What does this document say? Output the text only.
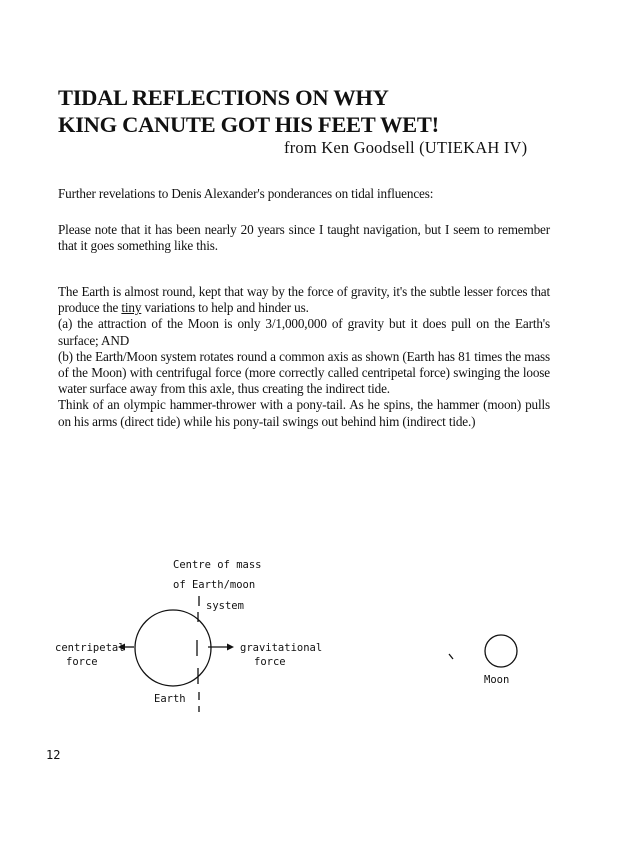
TIDAL REFLECTIONS ON WHY
KING CANUTE GOT HIS FEET WET!
from Ken Goodsell (UTIEKAH IV)

Further revelations to Denis Alexander's ponderances on tidal influences:

Please note that it has been nearly 20 years since I taught navigation, but I seem to remember that it goes something like this.

The Earth is almost round, kept that way by the force of gravity, it's the subtle lesser forces that produce the tiny variations to help and hinder us.
(a) the attraction of the Moon is only 3/1,000,000 of gravity but it does pull on the Earth's surface; AND
(b) the Earth/Moon system rotates round a common axis as shown (Earth has 81 times the mass of the Moon) with centrifugal force (more correctly called centripetal force) swinging the loose water surface away from this axle, thus creating the indirect tide.
Think of an olympic hammer-thrower with a pony-tail. As he spins, the hammer (moon) pulls on his arms (direct tide) while his pony-tail swings out behind him (indirect tide.)

Centre of mass
of Earth/moon
system
centripetal
force
gravitational
force
Earth
Moon
12
